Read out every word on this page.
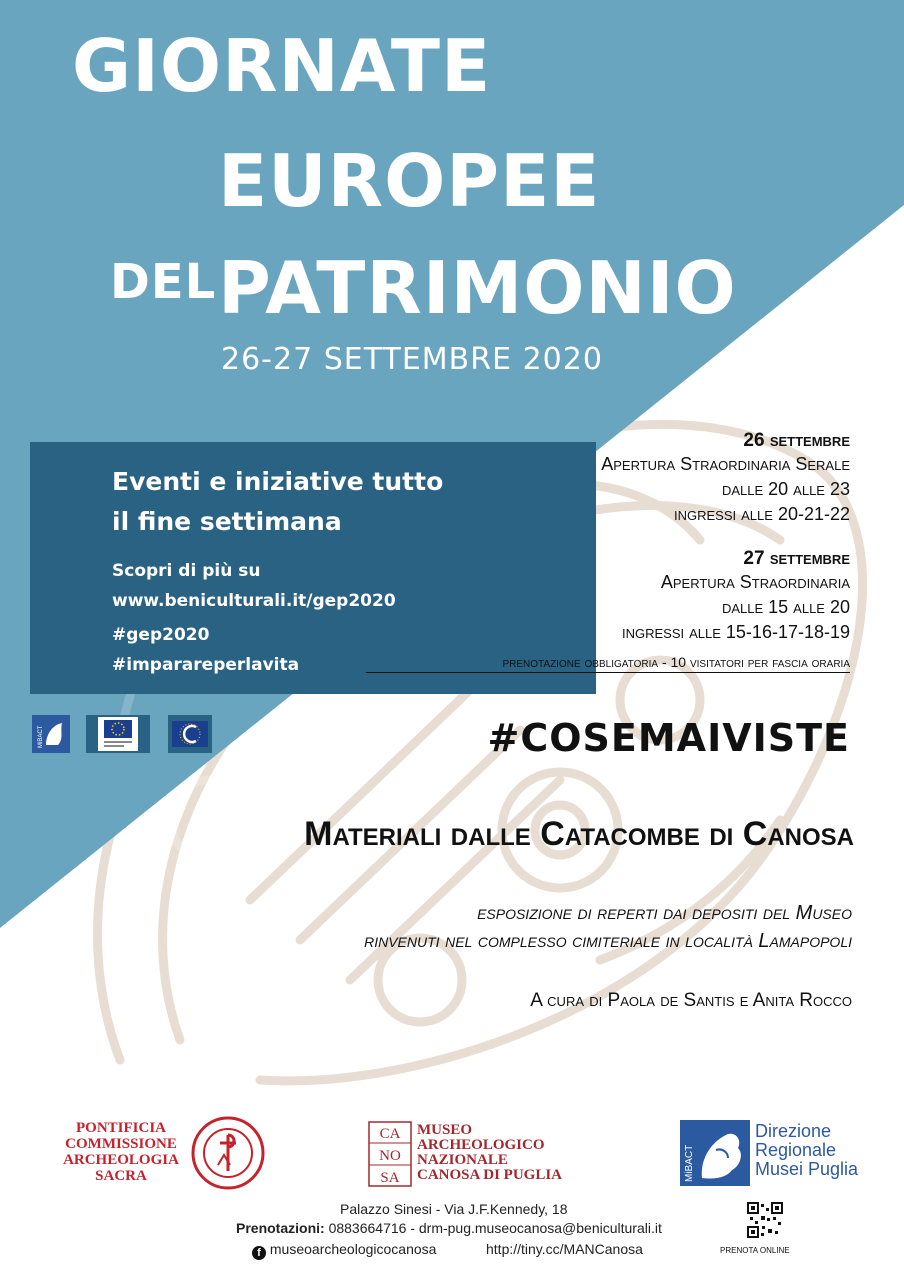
GIORNATE
EUROPEE
DEL PATRIMONIO
26-27 SETTEMBRE 2020
Eventi e iniziative tutto
il fine settimana
Scopri di più su
www.beniculturali.it/gep2020
#gep2020
#imparareperlavita
MiBACT
26 settembre
Apertura Straordinaria Serale
dalle 20 alle 23
ingressi alle 20-21-22
27 settembre
Apertura Straordinaria
dalle 15 alle 20
ingressi alle 15-16-17-18-19
prenotazione obbligatoria - 10 visitatori per fascia oraria
#COSEMAIVISTE
Materiali dalle Catacombe di Canosa
esposizione di reperti dai depositi del Museo
rinvenuti nel complesso cimiteriale in località Lamapopoli
A cura di Paola de Santis e Anita Rocco
PONTIFICIA
COMMISSIONE
ARCHEOLOGIA
SACRA
CA
NO
SA
MUSEO
ARCHEOLOGICO
NAZIONALE
CANOSA DI PUGLIA	MiBACT
Direzione
Regionale
Musei Puglia
Palazzo Sinesi - Via J.F.Kennedy, 18
Prenotazioni: 0883664716 - drm-pug.museocanosa@beniculturali.it
f museoarcheologicocanosa	http://tiny.cc/MANCanosa	PRENOTA ONLINE
